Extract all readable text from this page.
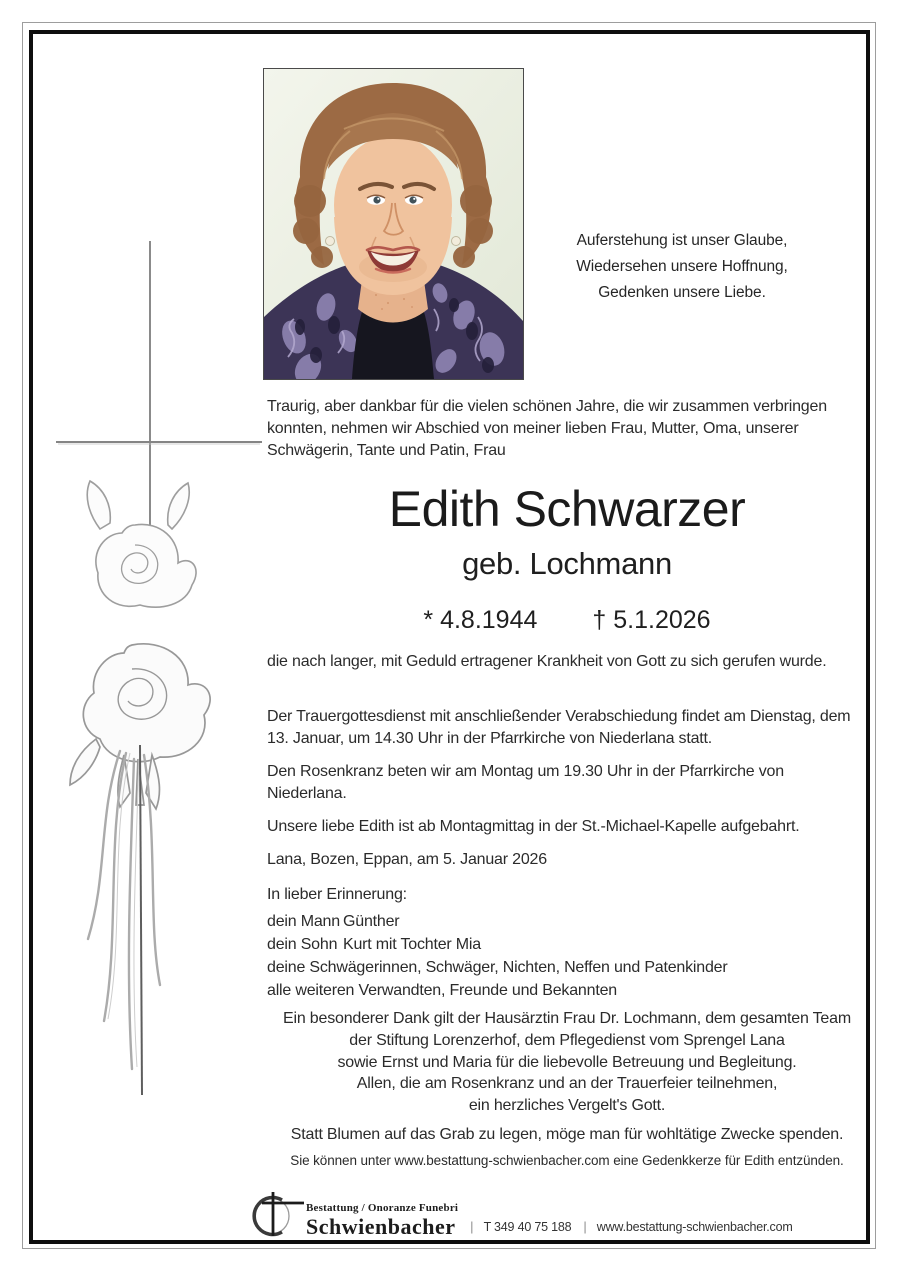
Auferstehung ist unser Glaube,
Wiedersehen unsere Hoffnung,
Gedenken unsere Liebe.
Traurig, aber dankbar für die vielen schönen Jahre, die wir zusammen verbringen konnten, nehmen wir Abschied von meiner lieben Frau, Mutter, Oma, unserer Schwägerin, Tante und Patin, Frau
Edith Schwarzer
geb. Lochmann
* 4.8.1944 † 5.1.2026
die nach langer, mit Geduld ertragener Krankheit von Gott zu sich gerufen wurde.
Der Trauergottesdienst mit anschließender Verabschiedung findet am Dienstag, dem 13. Januar, um 14.30 Uhr in der Pfarrkirche von Niederlana statt.
Den Rosenkranz beten wir am Montag um 19.30 Uhr in der Pfarrkirche von Niederlana.
Unsere liebe Edith ist ab Montagmittag in der St.-Michael-Kapelle aufgebahrt.
Lana, Bozen, Eppan, am 5. Januar 2026
In lieber Erinnerung:
dein Mann Günther
dein Sohn Kurt mit Tochter Mia
deine Schwägerinnen, Schwäger, Nichten, Neffen und Patenkinder
alle weiteren Verwandten, Freunde und Bekannten
Ein besonderer Dank gilt der Hausärztin Frau Dr. Lochmann, dem gesamten Team
der Stiftung Lorenzerhof, dem Pflegedienst vom Sprengel Lana
sowie Ernst und Maria für die liebevolle Betreuung und Begleitung.
Allen, die am Rosenkranz und an der Trauerfeier teilnehmen,
ein herzliches Vergelt's Gott.
Statt Blumen auf das Grab zu legen, möge man für wohltätige Zwecke spenden.
Sie können unter www.bestattung-schwienbacher.com eine Gedenkkerze für Edith entzünden.
Bestattung / Onoranze Funebri
Schwienbacher | T 349 40 75 188 | www.bestattung-schwienbacher.com
